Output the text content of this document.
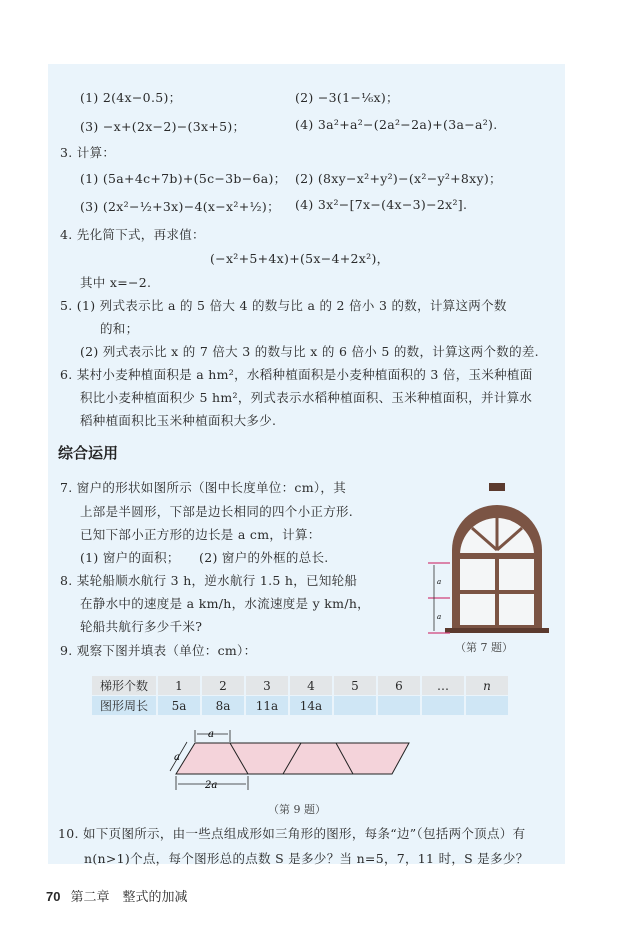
(1) 2(4x−0.5)；	(2) −3(1−⅙x)；
(3) −x+(2x−2)−(3x+5)；	(4) 3a²+a²−(2a²−2a)+(3a−a²).
3. 计算：
(1) (5a+4c+7b)+(5c−3b−6a)； (2) (8xy−x²+y²)−(x²−y²+8xy)；
(3) (2x²−½+3x)−4(x−x²+½)； (4) 3x²−[7x−(4x−3)−2x²].
4. 先化简下式，再求值：
(−x²+5+4x)+(5x−4+2x²)，
其中 x=−2.
5. (1) 列式表示比 a 的 5 倍大 4 的数与比 a 的 2 倍小 3 的数，计算这两个数
的和；
(2) 列式表示比 x 的 7 倍大 3 的数与比 x 的 6 倍小 5 的数，计算这两个数的差.
6. 某村小麦种植面积是 a hm²，水稻种植面积是小麦种植面积的 3 倍，玉米种植面
积比小麦种植面积少 5 hm²，列式表示水稻种植面积、玉米种植面积，并计算水
稻种植面积比玉米种植面积大多少.
综合运用
7. 窗户的形状如图所示（图中长度单位：cm），其
上部是半圆形，下部是边长相同的四个小正方形.
已知下部小正方形的边长是 a cm，计算：
(1) 窗户的面积；　　(2) 窗户的外框的总长.
8. 某轮船顺水航行 3 h，逆水航行 1.5 h，已知轮船
在静水中的速度是 a km/h，水流速度是 y km/h，
轮船共航行多少千米?
9. 观察下图并填表（单位：cm）：
a
a
（第 7 题）
梯形个数	1	2	3	4	5	6	…	n
图形周长	5a	8a	11a	14a				
a
a
2a
（第 9 题）
10. 如下页图所示，由一些点组成形如三角形的图形，每条“边”（包括两个顶点）有
n(n>1)个点，每个图形总的点数 S 是多少？当 n=5，7，11 时，S 是多少？
70 第二章　整式的加减
